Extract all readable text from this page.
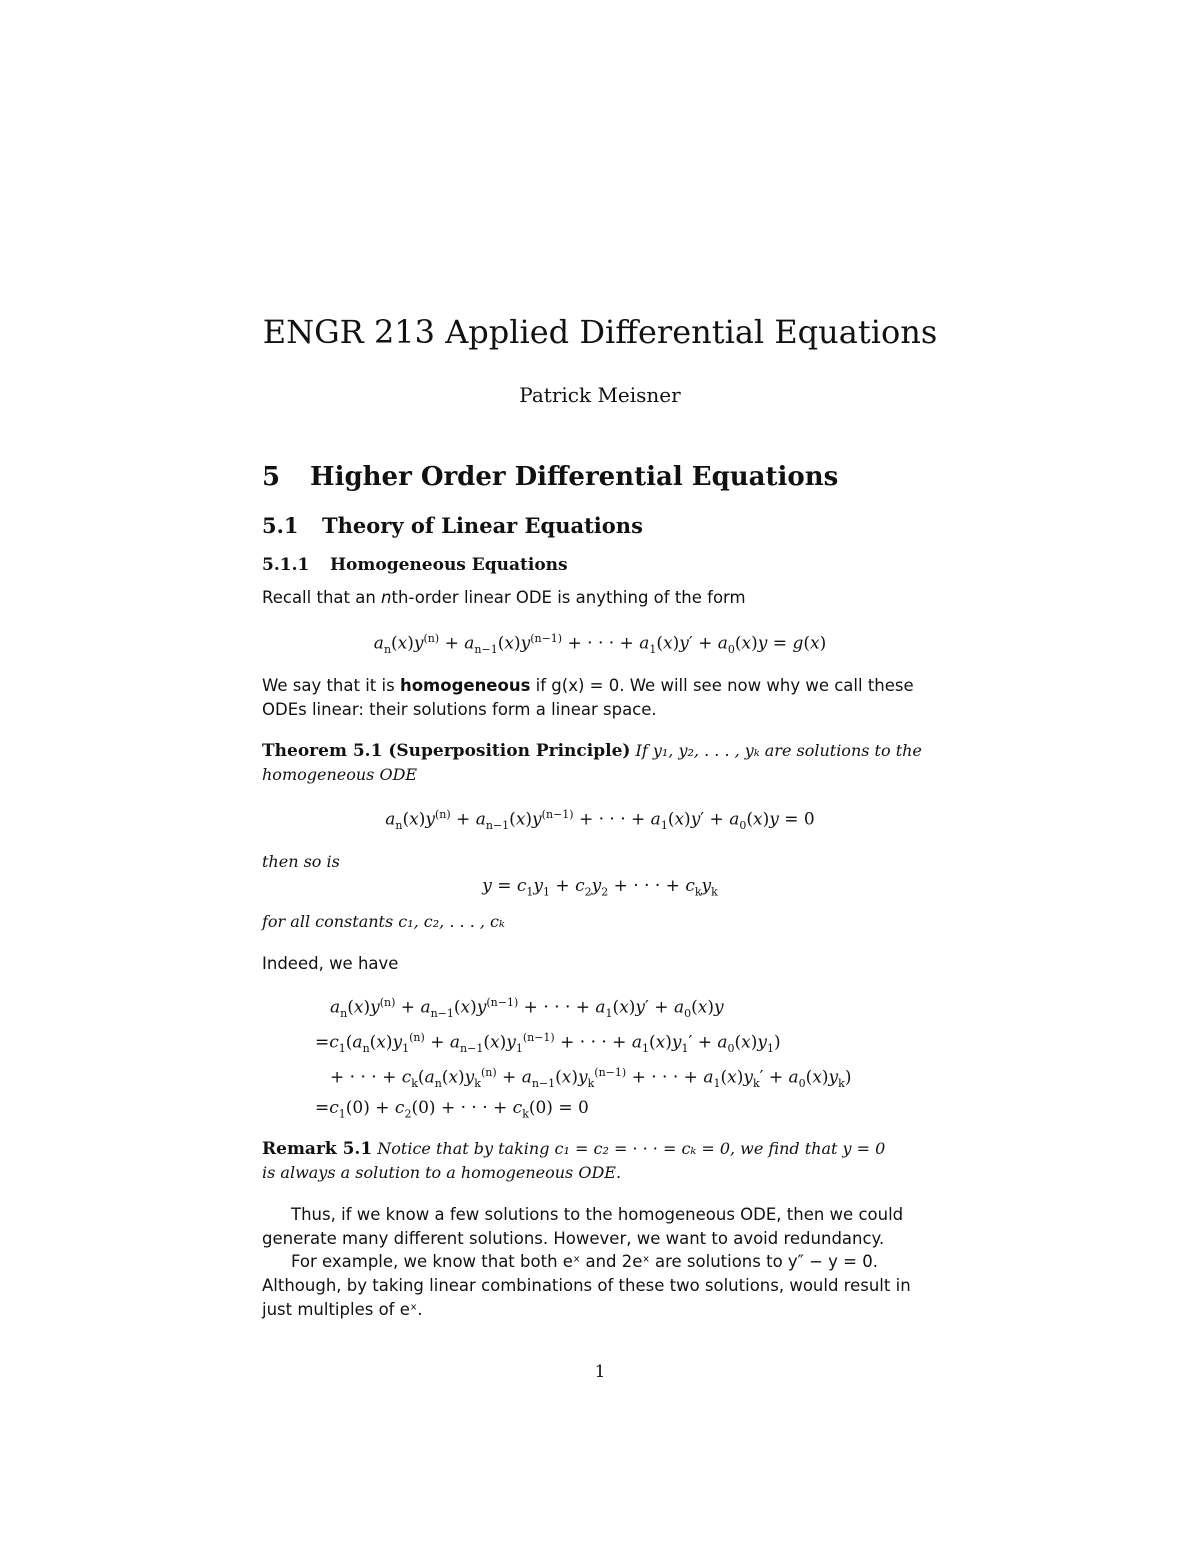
ENGR 213 Applied Differential Equations
Patrick Meisner
5 Higher Order Differential Equations
5.1 Theory of Linear Equations
5.1.1 Homogeneous Equations
Recall that an nth-order linear ODE is anything of the form
$a_n(x)y^{(n)} + a_{n-1}(x)y^{(n-1)}$ + · · · + $a_1(x)y' + a_0(x)y = g(x)$
We say that it is homogeneous if g(x) = 0. We will see now why we call these
ODEs linear: their solutions form a linear space.
Theorem 5.1 (Superposition Principle) If y₁, y₂, . . . , yₖ are solutions to the
homogeneous ODE
$a_n(x)y^{(n)} + a_{n-1}(x)y^{(n-1)}$ + · · · + $a_1(x)y' + a_0(x)y = 0$
then so is
$y = c_1y_1 + c_2y_2$ + · · · + $c_ky_k$
for all constants c₁, c₂, . . . , cₖ
Indeed, we have
$a_n(x)y^{(n)} + a_{n-1}(x)y^{(n-1)}$ + · · · + $a_1(x)y' + a_0(x)y$
$=c_1(a_n(x)y_1^{(n)} + a_{n-1}(x)y_1^{(n-1)}$ + · · · + $a_1(x)y_1' + a_0(x)y_1$)
+ · · · + $c_k(a_n(x)y_k^{(n)} + a_{n-1}(x)y_k^{(n-1)}$ + · · · + $a_1(x)y_k' + a_0(x)y_k$)
$=c_1(0) + c_2(0)$ + · · · + $c_k(0) = 0$
Remark 5.1 Notice that by taking c₁ = c₂ = · · · = cₖ = 0, we find that y = 0
is always a solution to a homogeneous ODE.
Thus, if we know a few solutions to the homogeneous ODE, then we could
generate many different solutions. However, we want to avoid redundancy.
For example, we know that both eˣ and 2eˣ are solutions to y″ − y = 0.
Although, by taking linear combinations of these two solutions, would result in
just multiples of eˣ.
1
